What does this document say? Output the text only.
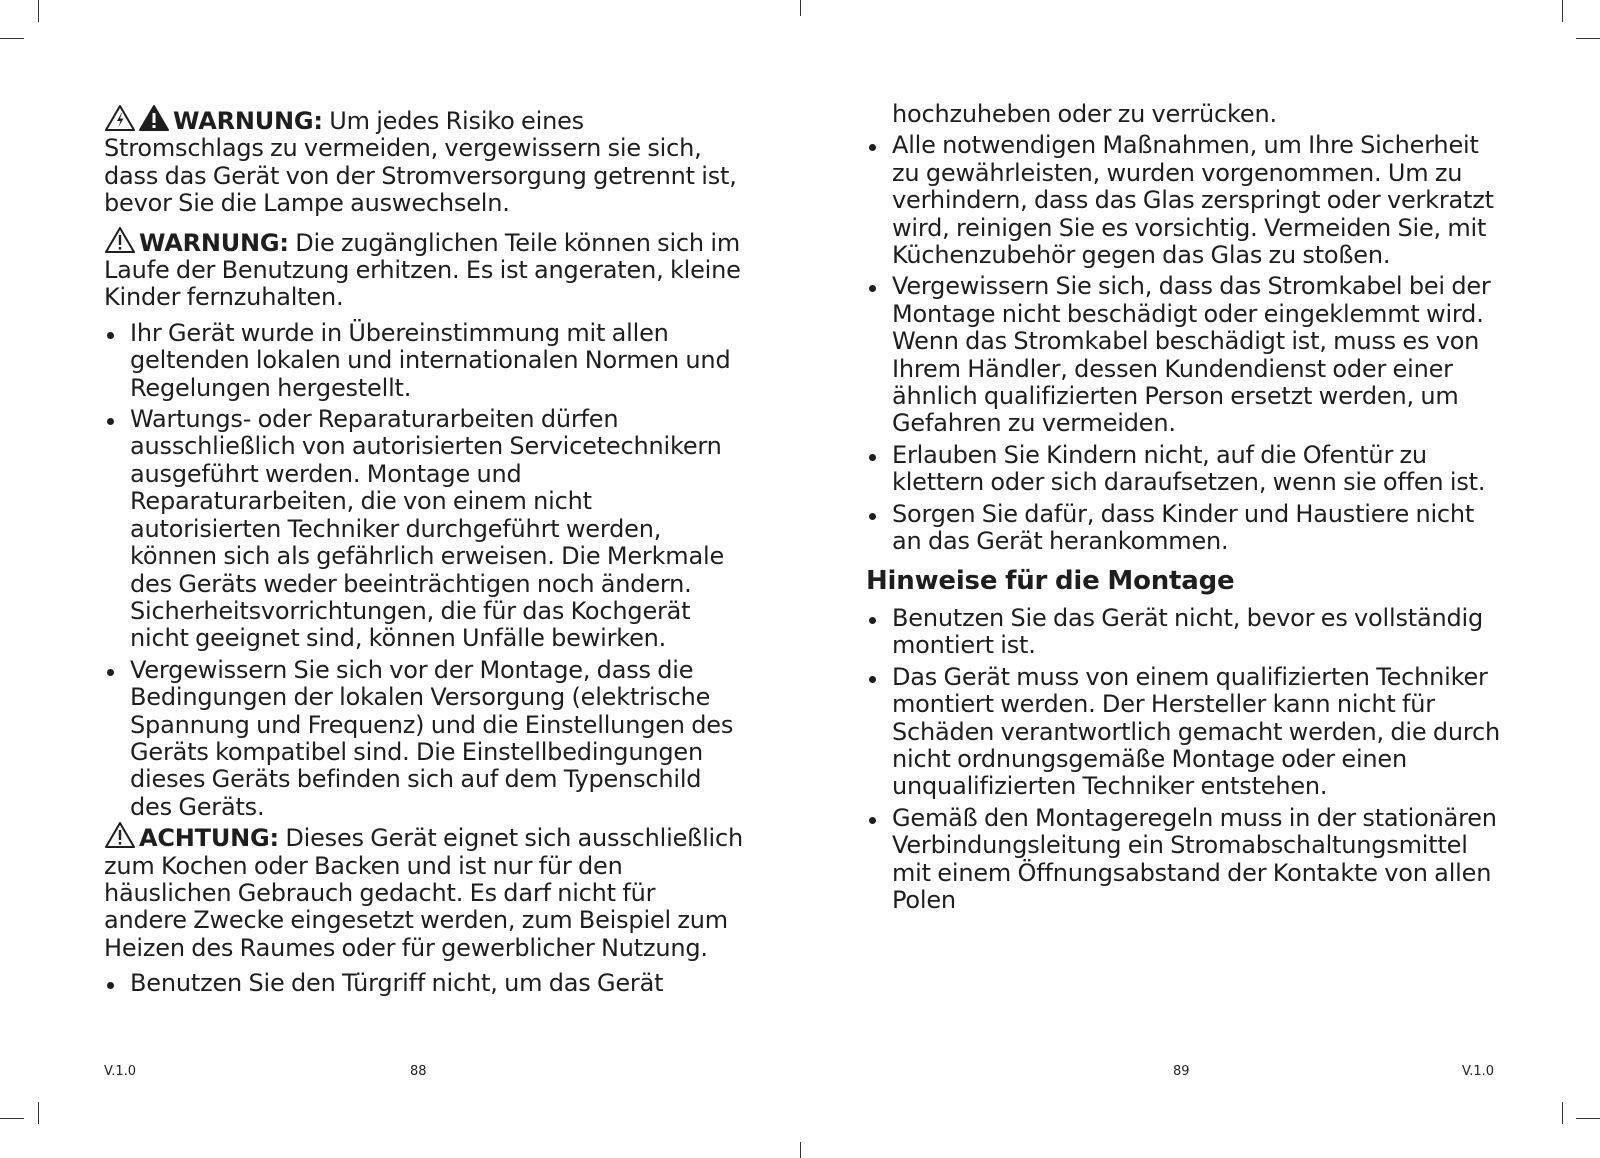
WARNUNG: Um jedes Risiko eines Stromschlags zu vermeiden, vergewissern sie sich, dass das Gerät von der Stromversorgung getrennt ist, bevor Sie die Lampe auswechseln.

WARNUNG: Die zugänglichen Teile können sich im Laufe der Benutzung erhitzen. Es ist angeraten, kleine Kinder fernzuhalten.

Ihr Gerät wurde in Übereinstimmung mit allen geltenden lokalen und internationalen Normen und Regelungen hergestellt.
Wartungs- oder Reparaturarbeiten dürfen ausschließlich von autorisierten Servicetechnikern ausgeführt werden. Montage und Reparaturarbeiten, die von einem nicht autorisierten Techniker durchgeführt werden, können sich als gefährlich erweisen. Die Merkmale des Geräts weder beeinträchtigen noch ändern. Sicherheitsvorrichtungen, die für das Kochgerät nicht geeignet sind, können Unfälle bewirken.
Vergewissern Sie sich vor der Montage, dass die Bedingungen der lokalen Versorgung (elektrische Spannung und Frequenz) und die Einstellungen des Geräts kompatibel sind. Die Einstellbedingungen dieses Geräts befinden sich auf dem Typenschild des Geräts.

ACHTUNG: Dieses Gerät eignet sich ausschließlich zum Kochen oder Backen und ist nur für den häuslichen Gebrauch gedacht. Es darf nicht für andere Zwecke eingesetzt werden, zum Beispiel zum Heizen des Raumes oder für gewerblicher Nutzung.

Benutzen Sie den Türgriff nicht, um das Gerät
V.1.0	88

hochzuheben oder zu verrücken.

Alle notwendigen Maßnahmen, um Ihre Sicherheit zu gewährleisten, wurden vorgenommen. Um zu verhindern, dass das Glas zerspringt oder verkratzt wird, reinigen Sie es vorsichtig. Vermeiden Sie, mit Küchenzubehör gegen das Glas zu stoßen.
Vergewissern Sie sich, dass das Stromkabel bei der Montage nicht beschädigt oder eingeklemmt wird. Wenn das Stromkabel beschädigt ist, muss es von Ihrem Händler, dessen Kundendienst oder einer ähnlich qualifizierten Person ersetzt werden, um Gefahren zu vermeiden.
Erlauben Sie Kindern nicht, auf die Ofentür zu klettern oder sich daraufsetzen, wenn sie offen ist.
Sorgen Sie dafür, dass Kinder und Haustiere nicht an das Gerät herankommen.
Hinweise für die Montage
Benutzen Sie das Gerät nicht, bevor es vollständig montiert ist.
Das Gerät muss von einem qualifizierten Techniker montiert werden. Der Hersteller kann nicht für Schäden verantwortlich gemacht werden, die durch nicht ordnungsgemäße Montage oder einen unqualifizierten Techniker entstehen.
Gemäß den Montageregeln muss in der stationären Verbindungsleitung ein Stromabschaltungsmittel mit einem Öffnungsabstand der Kontakte von allen Polen
89	V.1.0
